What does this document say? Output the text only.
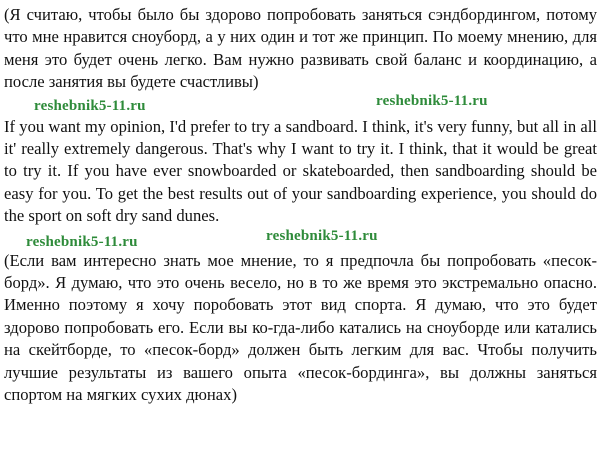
(Я считаю, чтобы было бы здорово попробовать заняться сэндбордингом, потому что мне нравится сноуборд, а у них один и тот же принцип. По моему мнению, для меня это будет очень легко. Вам нужно развивать свой баланс и координацию, а после занятия вы будете счастливы)

reshebnik5-11.ru	reshebnik5-11.ru

If you want my opinion, I'd prefer to try a sandboard. I think, it's very funny, but all in all it' really extremely dangerous. That's why I want to try it. I think, that it would be great to try it. If you have ever snowboarded or skateboarded, then sandboarding should be easy for you. To get the best results out of your sandboarding experience, you should do the sport on soft dry sand dunes.

reshebnik5-11.ru	reshebnik5-11.ru

(Если вам интересно знать мое мнение, то я предпочла бы попробовать «песок-борд». Я думаю, что это очень весело, но в то же время это экстремально опасно. Именно поэтому я хочу поробовать этот вид спорта. Я думаю, что это будет здорово попробовать его. Если вы ко-гда-либо катались на сноуборде или катались на скейтборде, то «песок-борд» должен быть легким для вас. Чтобы получить лучшие результаты из вашего опыта «песок-бординга», вы должны заняться спортом на мягких сухих дюнах)
